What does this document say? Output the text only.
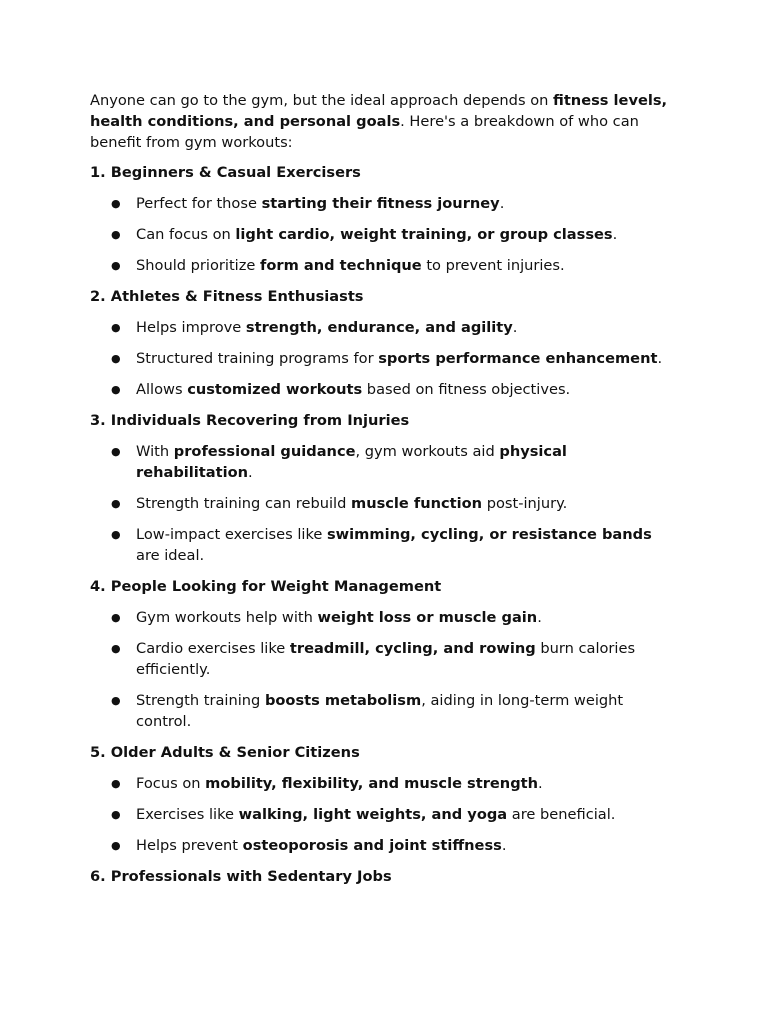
Anyone can go to the gym, but the ideal approach depends on fitness levels, health conditions, and personal goals. Here's a breakdown of who can benefit from gym workouts:

1. Beginners & Casual Exercisers
● Perfect for those starting their fitness journey.
● Can focus on light cardio, weight training, or group classes.
● Should prioritize form and technique to prevent injuries.
2. Athletes & Fitness Enthusiasts
● Helps improve strength, endurance, and agility.
● Structured training programs for sports performance enhancement.
● Allows customized workouts based on fitness objectives.
3. Individuals Recovering from Injuries
● With professional guidance, gym workouts aid physical rehabilitation.
● Strength training can rebuild muscle function post-injury.
● Low-impact exercises like swimming, cycling, or resistance bands are ideal.
4. People Looking for Weight Management
● Gym workouts help with weight loss or muscle gain.
● Cardio exercises like treadmill, cycling, and rowing burn calories efficiently.
● Strength training boosts metabolism, aiding in long-term weight control.
5. Older Adults & Senior Citizens
● Focus on mobility, flexibility, and muscle strength.
● Exercises like walking, light weights, and yoga are beneficial.
● Helps prevent osteoporosis and joint stiffness.
6. Professionals with Sedentary Jobs
